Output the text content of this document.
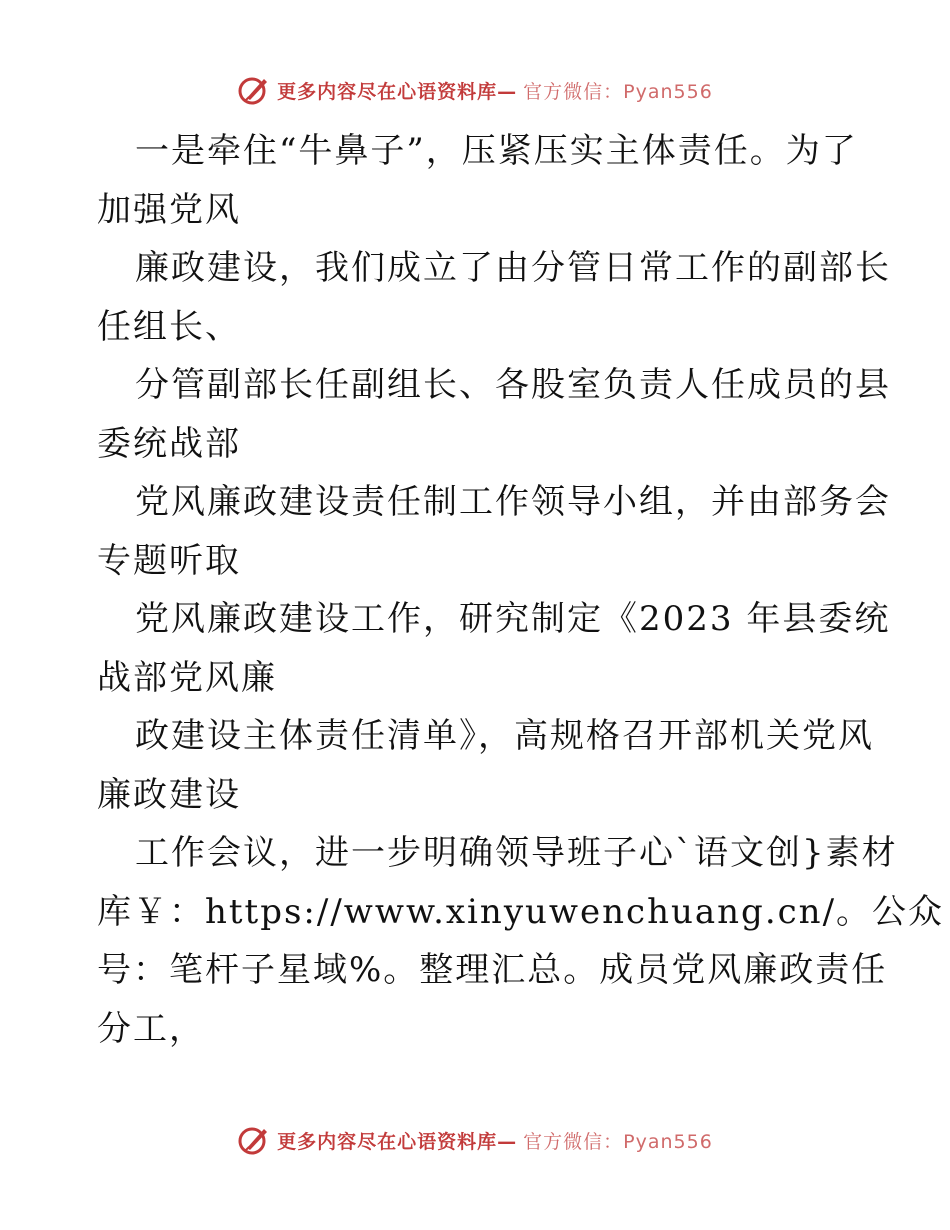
更多内容尽在心语资料库— 官方微信：Pyan556
一是牵住“牛鼻子”，压紧压实主体责任。为了
加强党风
廉政建设，我们成立了由分管日常工作的副部长
任组长、
分管副部长任副组长、各股室负责人任成员的县
委统战部
党风廉政建设责任制工作领导小组，并由部务会
专题听取
党风廉政建设工作，研究制定《2023 年县委统
战部党风廉
政建设主体责任清单》，高规格召开部机关党风
廉政建设
工作会议，进一步明确领导班子心`语文创}素材
库￥：https://www.xinyuwenchuang.cn/。公众
号：笔杆子星域%。整理汇总。成员党风廉政责任
分工，
更多内容尽在心语资料库— 官方微信：Pyan556
